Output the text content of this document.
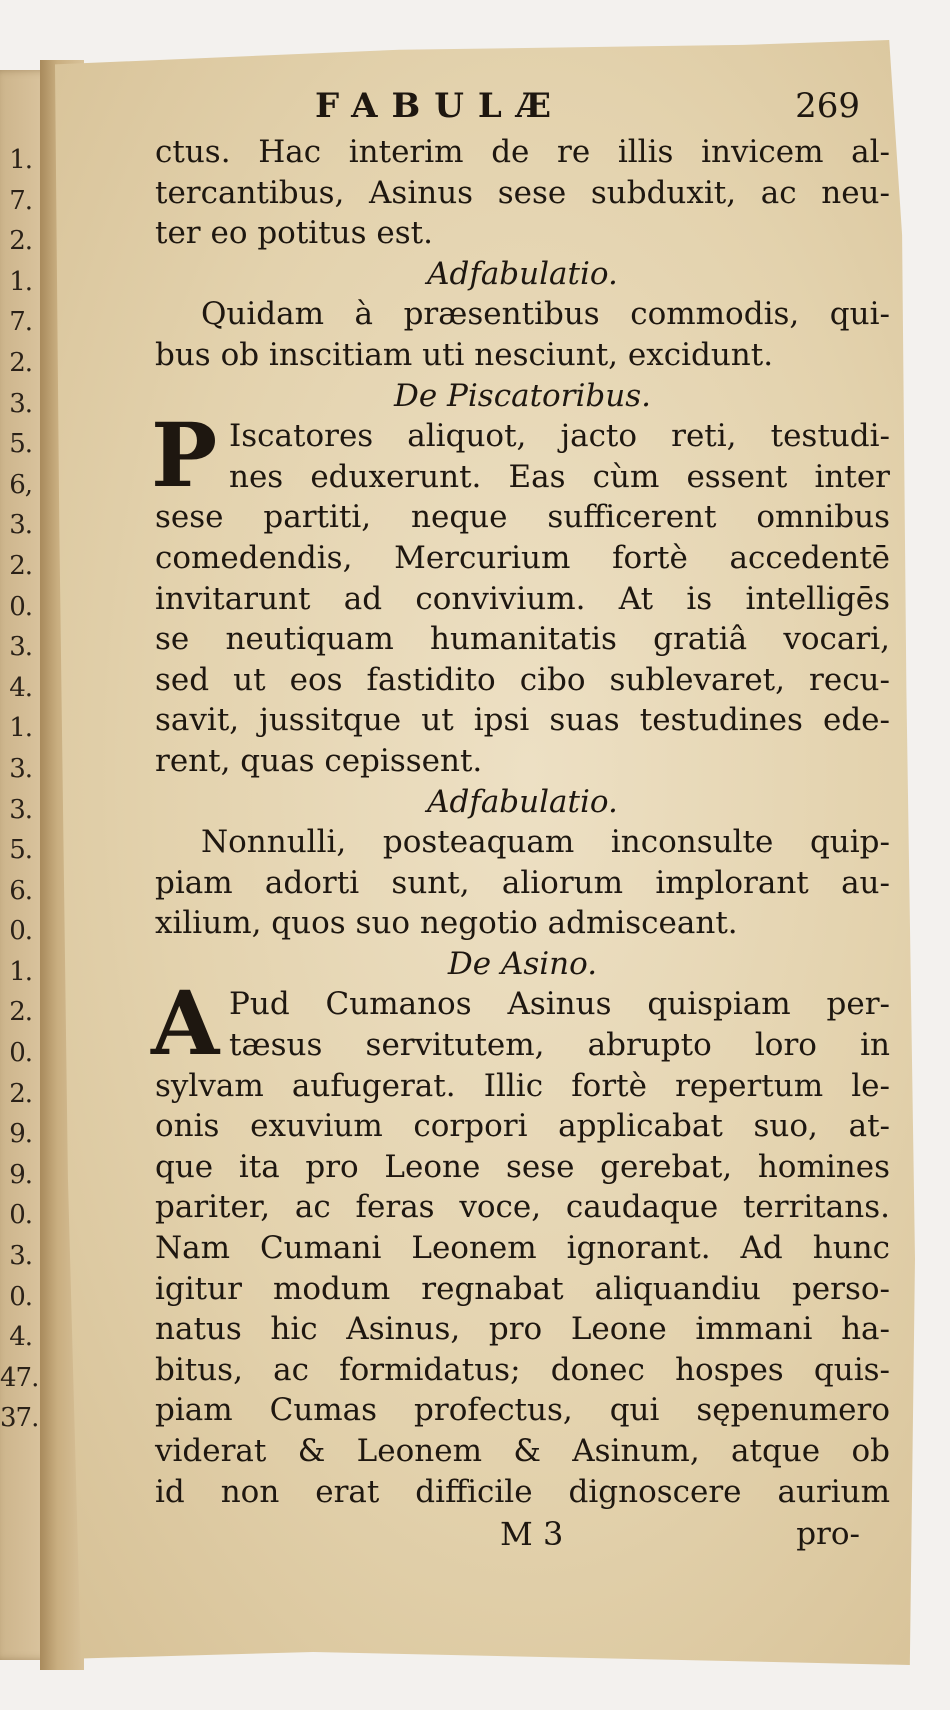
1.
7.
2.
1.
7.
2.
3.
5.
6,
3.
2.
0.
3.
4.
1.
3.
3.
5.
6.
0.
1.
2.
0.
2.
9.
9.
0.
3.
0.
4.
47.
37.
FABULÆ	269
ctus. Hac interim de re illis invicem al-
tercantibus, Asinus sese subduxit, ac neu-
ter eo potitus est.
Adfabulatio.
Quidam à præsentibus commodis, qui-
bus ob inscitiam uti nesciunt, excidunt.
De Piscatoribus.
P Iscatores aliquot, jacto reti, testudi-
nes eduxerunt. Eas cùm essent inter
sese partiti, neque sufficerent omnibus
comedendis, Mercurium fortè accedentē
invitarunt ad convivium. At is intelligēs
se neutiquam humanitatis gratiâ vocari,
sed ut eos fastidito cibo sublevaret, recu-
savit, jussitque ut ipsi suas testudines ede-
rent, quas cepissent.
Adfabulatio.
Nonnulli, posteaquam inconsulte quip-
piam adorti sunt, aliorum implorant au-
xilium, quos suo negotio admisceant.
De Asino.
A Pud Cumanos Asinus quispiam per-
tæsus servitutem, abrupto loro in
sylvam aufugerat. Illic fortè repertum le-
onis exuvium corpori applicabat suo, at-
que ita pro Leone sese gerebat, homines
pariter, ac feras voce, caudaque territans.
Nam Cumani Leonem ignorant. Ad hunc
igitur modum regnabat aliquandiu perso-
natus hic Asinus, pro Leone immani ha-
bitus, ac formidatus; donec hospes quis-
piam Cumas profectus, qui sępenumero
viderat & Leonem & Asinum, atque ob
id non erat difficile dignoscere aurium
M 3	pro-
